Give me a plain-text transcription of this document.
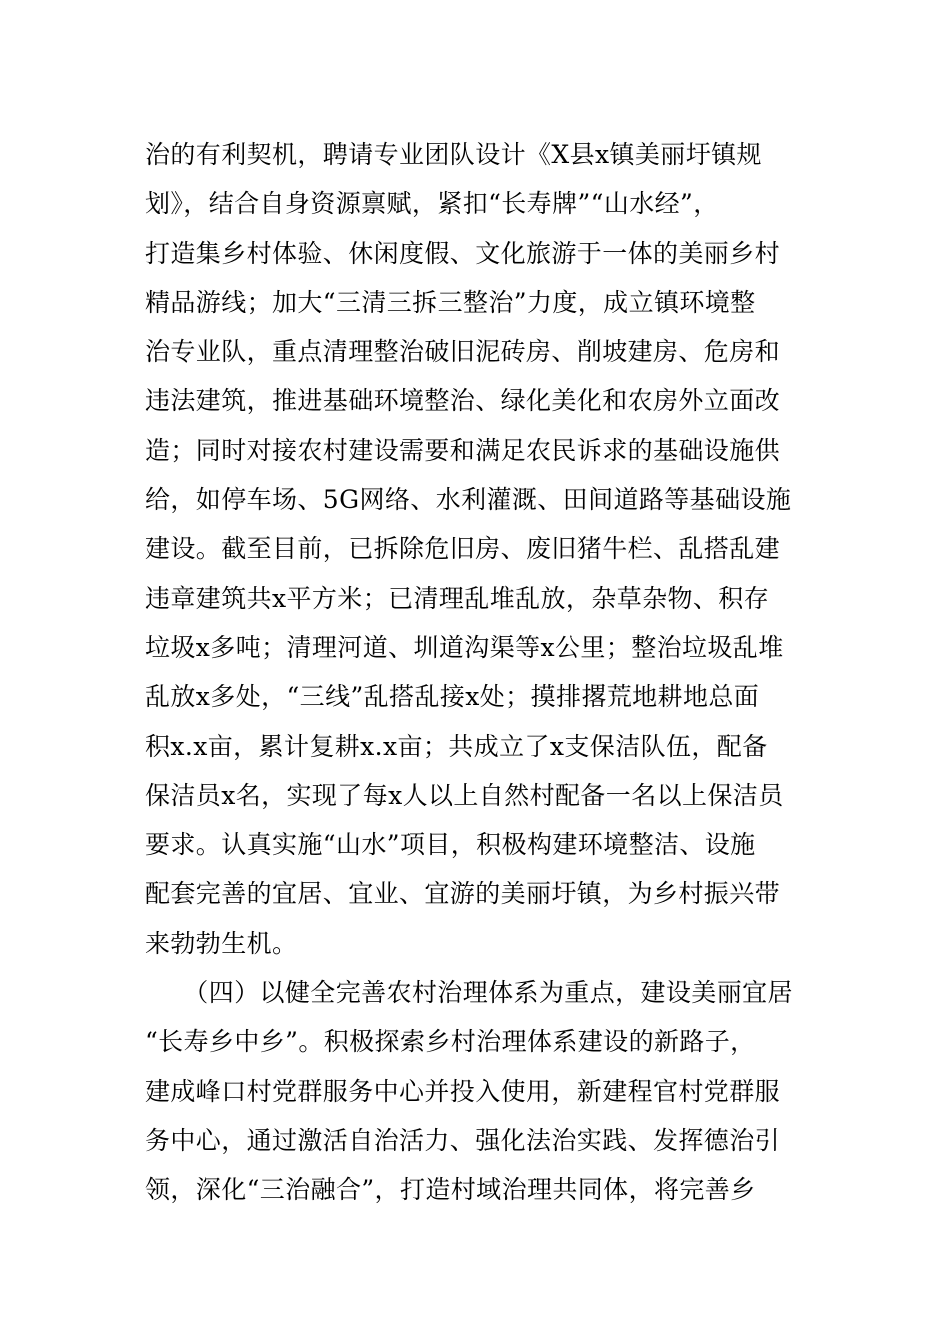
治的有利契机，聘请专业团队设计《X县x镇美丽圩镇规
划》，结合自身资源禀赋，紧扣“长寿牌”“山水经”，
打造集乡村体验、休闲度假、文化旅游于一体的美丽乡村
精品游线；加大“三清三拆三整治”力度，成立镇环境整
治专业队，重点清理整治破旧泥砖房、削坡建房、危房和
违法建筑，推进基础环境整治、绿化美化和农房外立面改
造；同时对接农村建设需要和满足农民诉求的基础设施供
给，如停车场、5G网络、水利灌溉、田间道路等基础设施
建设。截至目前，已拆除危旧房、废旧猪牛栏、乱搭乱建
违章建筑共x平方米；已清理乱堆乱放，杂草杂物、积存
垃圾x多吨；清理河道、圳道沟渠等x公里；整治垃圾乱堆
乱放x多处，“三线”乱搭乱接x处；摸排撂荒地耕地总面
积x.x亩，累计复耕x.x亩；共成立了x支保洁队伍，配备
保洁员x名，实现了每x人以上自然村配备一名以上保洁员
要求。认真实施“山水”项目，积极构建环境整洁、设施
配套完善的宜居、宜业、宜游的美丽圩镇，为乡村振兴带
来勃勃生机。
　　（四）以健全完善农村治理体系为重点，建设美丽宜居
“长寿乡中乡”。积极探索乡村治理体系建设的新路子，
建成峰口村党群服务中心并投入使用，新建程官村党群服
务中心，通过激活自治活力、强化法治实践、发挥德治引
领，深化“三治融合”，打造村域治理共同体，将完善乡
